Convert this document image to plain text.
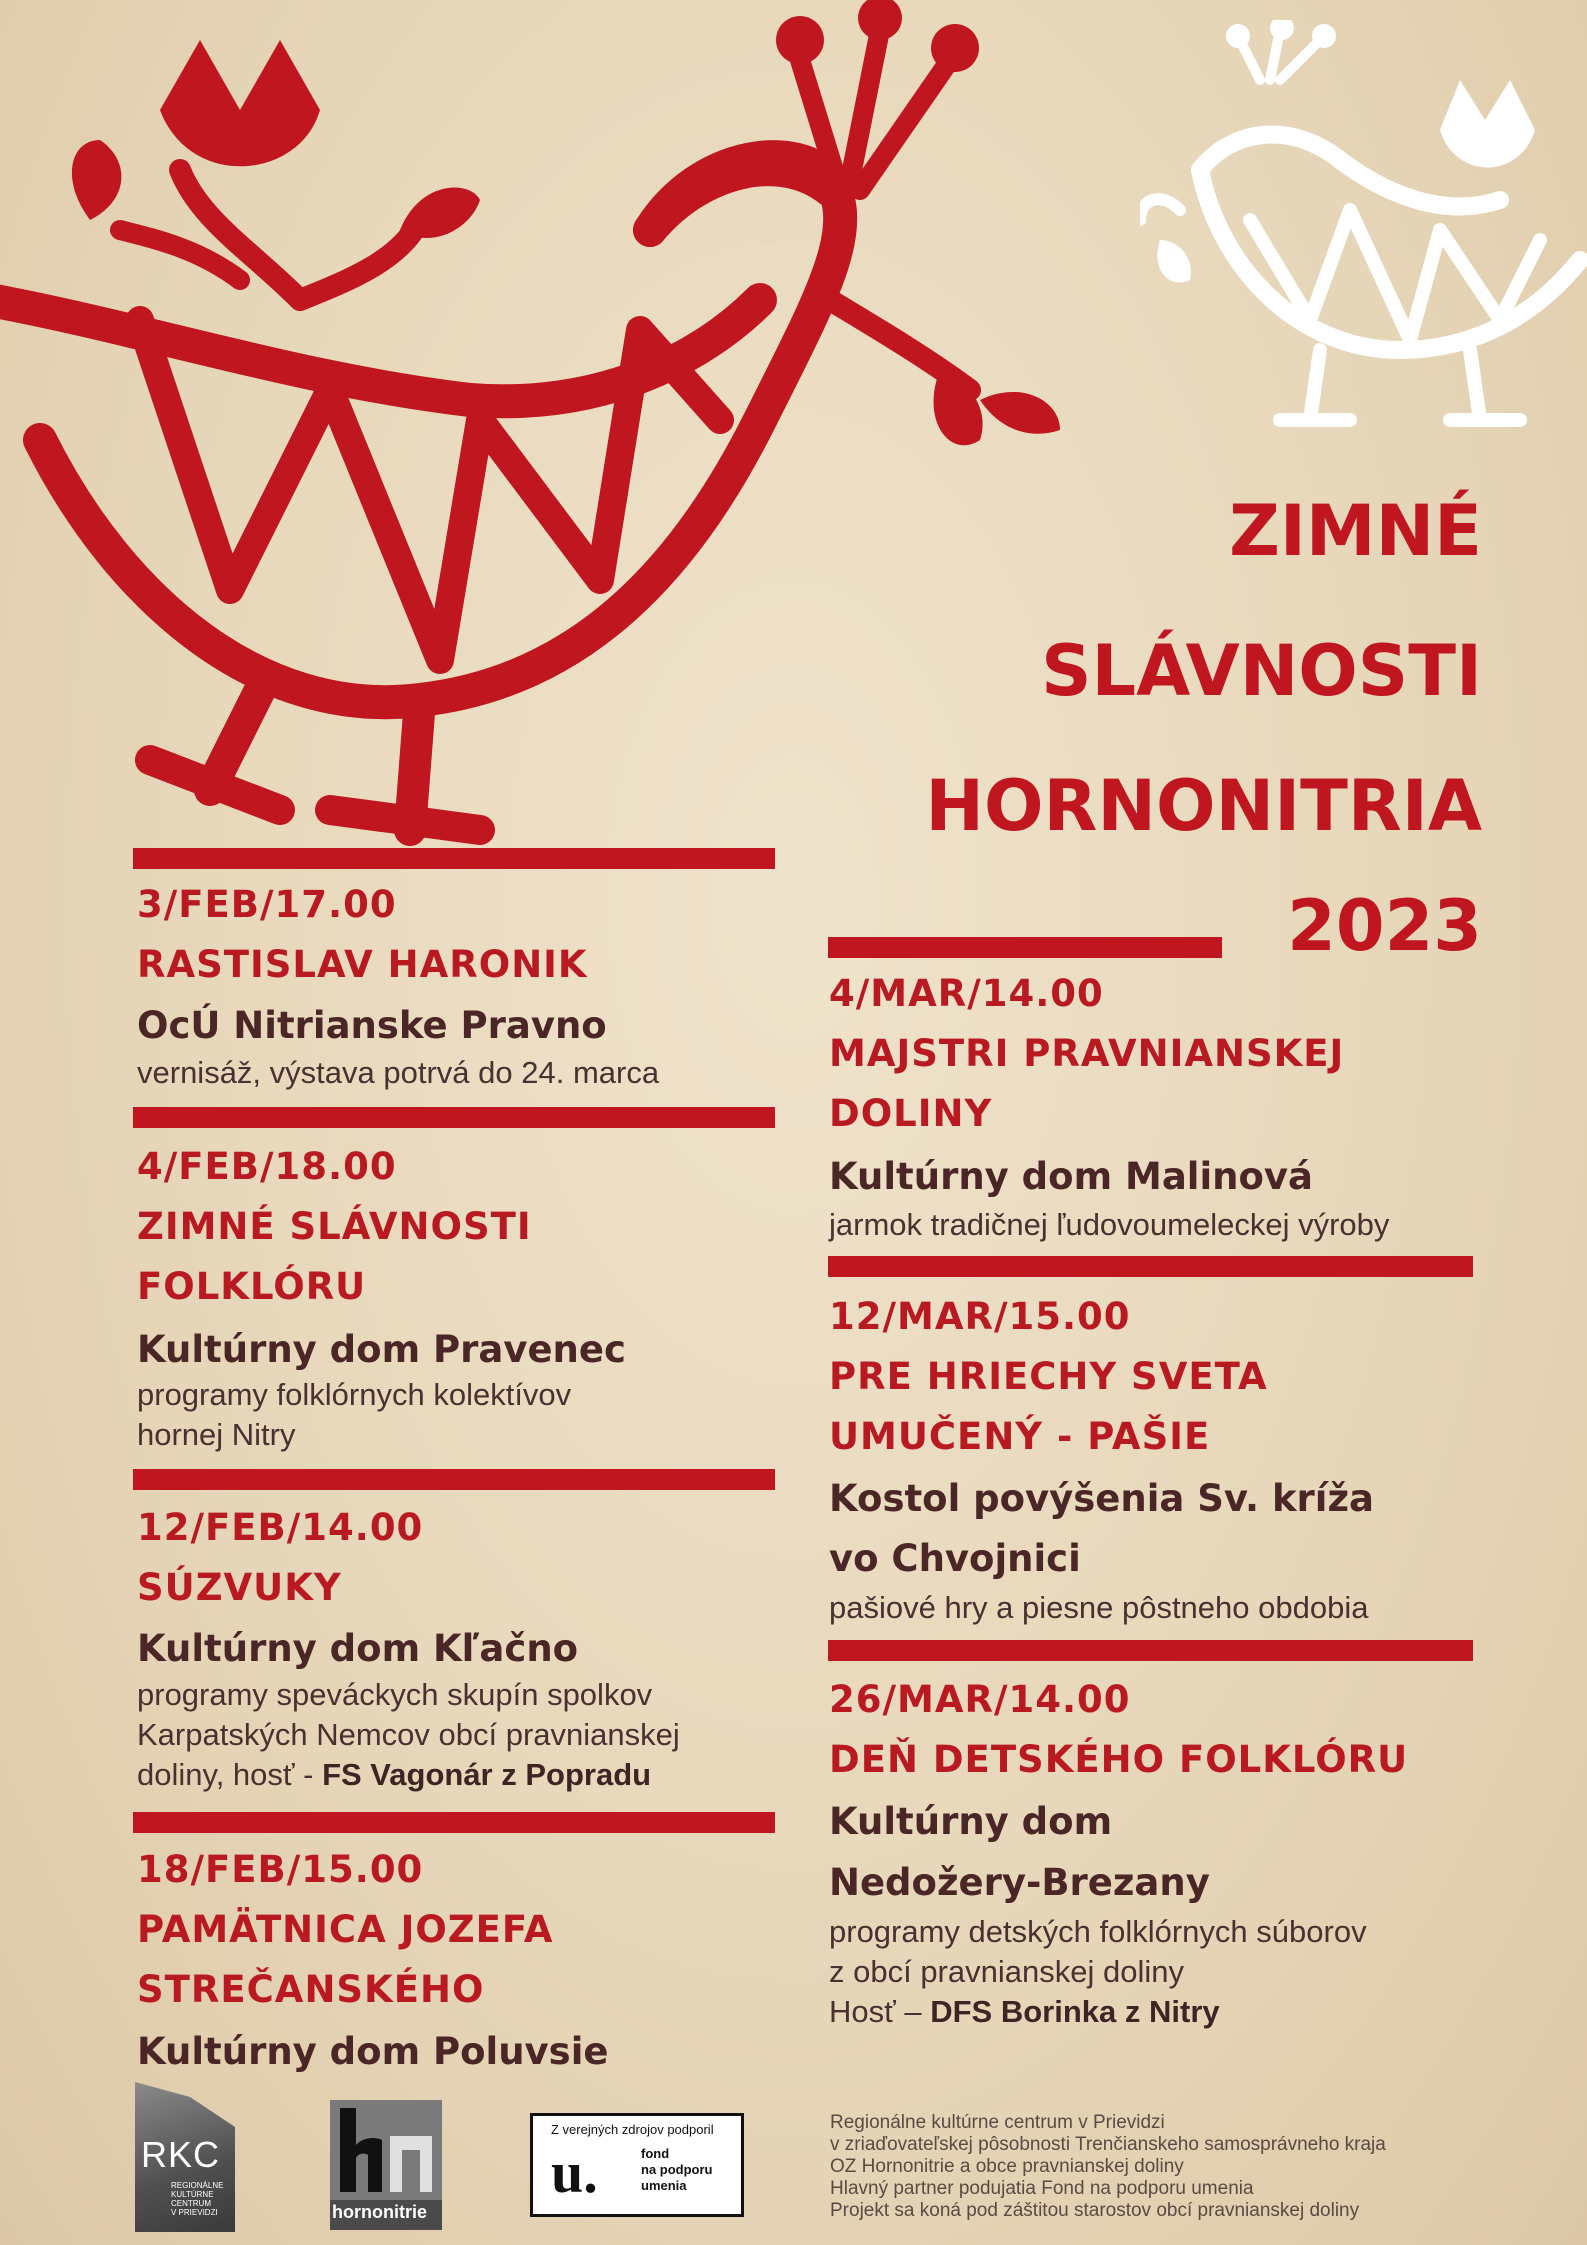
ZIMNÉ
SLÁVNOSTI
HORNONITRIA
2023
3/FEB/17.00
RASTISLAV HARONIK
OcÚ Nitrianske Pravno
vernisáž, výstava potrvá do 24. marca
4/FEB/18.00
ZIMNÉ SLÁVNOSTI
FOLKLÓRU
Kultúrny dom Pravenec
programy folklórnych kolektívov
hornej Nitry
12/FEB/14.00
SÚZVUKY
Kultúrny dom Kľačno
programy speváckych skupín spolkov
Karpatských Nemcov obcí pravnianskej
doliny, hosť - FS Vagonár z Popradu
18/FEB/15.00
PAMÄTNICA JOZEFA
STREČANSKÉHO
Kultúrny dom Poluvsie
4/MAR/14.00
MAJSTRI PRAVNIANSKEJ
DOLINY
Kultúrny dom Malinová
jarmok tradičnej ľudovoumeleckej výroby
12/MAR/15.00
PRE HRIECHY SVETA
UMUČENÝ - PAŠIE
Kostol povýšenia Sv. kríža
vo Chvojnici
pašiové hry a piesne pôstneho obdobia
26/MAR/14.00
DEŇ DETSKÉHO FOLKLÓRU
Kultúrny dom
Nedožery-Brezany
programy detských folklórnych súborov
z obcí pravnianskej doliny
Hosť – DFS Borinka z Nitry
RKC
REGIONÁLNE
KULTÚRNE
CENTRUM
V PRIEVIDZI	hornonitrie
Z verejných zdrojov podporil
u.	fond
na podporu
umenia
Regionálne kultúrne centrum v Prievidzi
v zriaďovateľskej pôsobnosti Trenčianskeho samosprávneho kraja
OZ Hornonitrie a obce pravnianskej doliny
Hlavný partner podujatia Fond na podporu umenia
Projekt sa koná pod záštitou starostov obcí pravnianskej doliny
